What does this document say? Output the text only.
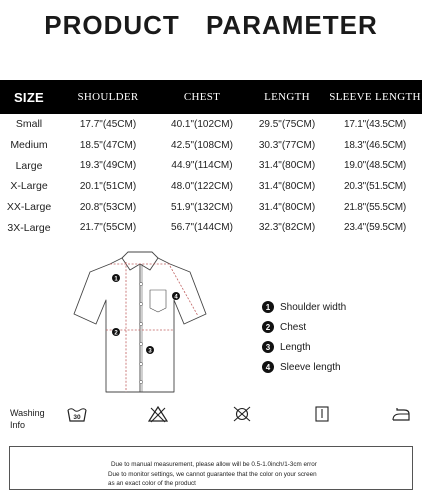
PRODUCT PARAMETER
SIZE	SHOULDER	CHEST	LENGTH	SLEEVE LENGTH
Small	17.7"(45CM)	40.1"(102CM)	29.5"(75CM)	17.1"(43.5CM)
Medium	18.5"(47CM)	42.5"(108CM)	30.3"(77CM)	18.3"(46.5CM)
Large	19.3"(49CM)	44.9"(114CM)	31.4"(80CM)	19.0"(48.5CM)
X-Large	20.1"(51CM)	48.0"(122CM)	31.4"(80CM)	20.3"(51.5CM)
XX-Large	20.8"(53CM)	51.9"(132CM)	31.4"(80CM)	21.8"(55.5CM)
3X-Large	21.7"(55CM)	56.7"(144CM)	32.3"(82CM)	23.4"(59.5CM)
1
2
3
4
1 Shoulder width
2 Chest
3 Length
4 Sleeve length
Washing
Info
30
Due to manual measurement, please allow will be 0.5-1.0inch/1-3cm error
Due to monitor settings, we cannot guarantee that the color on your screen
as an exact color of the product
